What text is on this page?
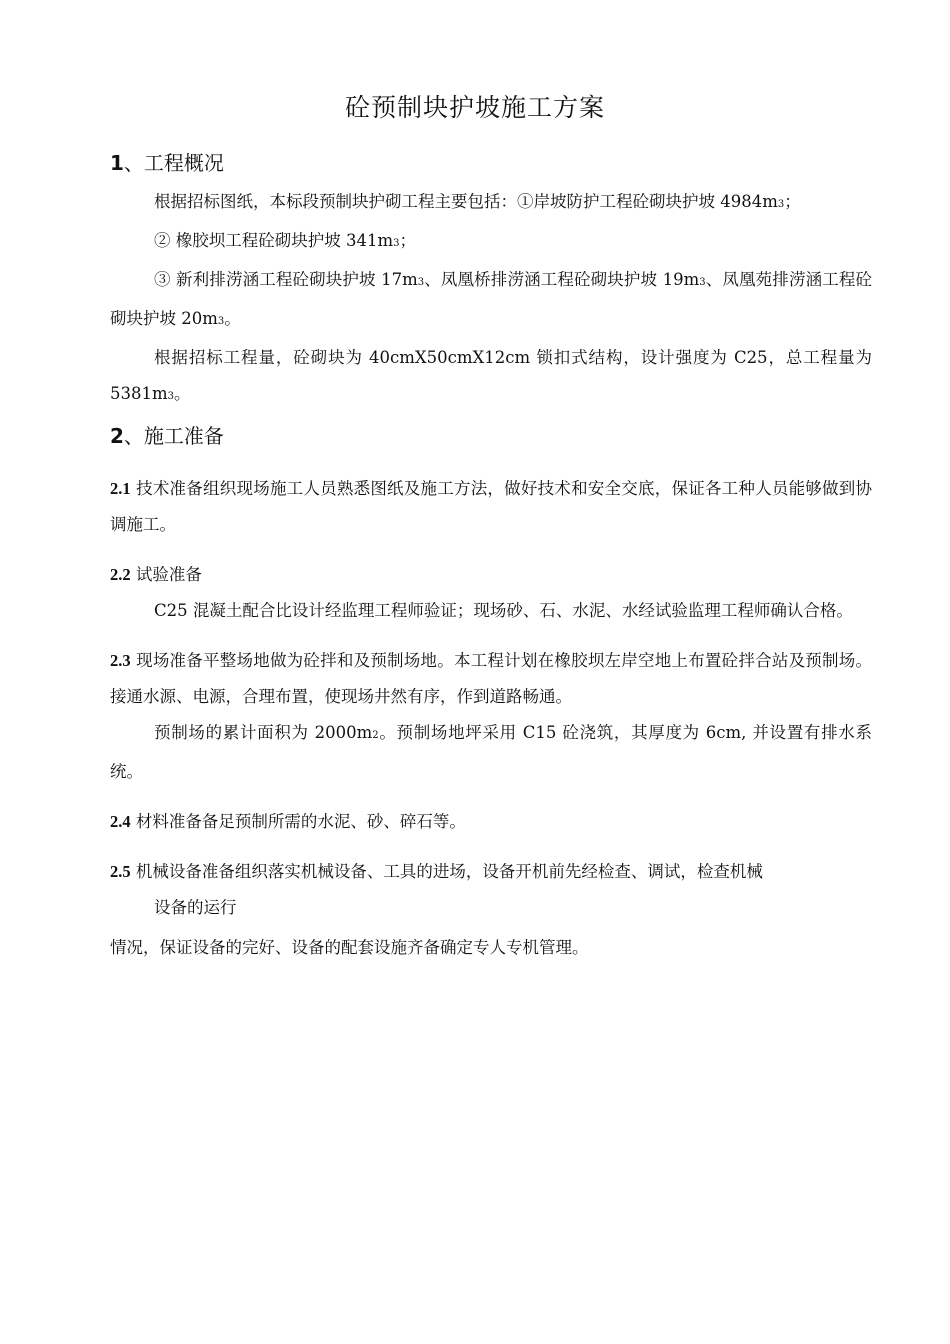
砼预制块护坡施工方案
1、工程概况

根据招标图纸，本标段预制块护砌工程主要包括：①岸坡防护工程砼砌块护坡 4984m3；

② 橡胶坝工程砼砌块护坡 341m3；

③ 新利排涝涵工程砼砌块护坡 17m3、凤凰桥排涝涵工程砼砌块护坡 19m3、凤凰苑排涝涵工程砼砌块护坡 20m3。

根据招标工程量，砼砌块为 40cmX50cmX12cm 锁扣式结构，设计强度为 C25，总工程量为 5381m3。

2、施工准备

2.1 技术准备组织现场施工人员熟悉图纸及施工方法，做好技术和安全交底，保证各工种人员能够做到协调施工。

2.2 试验准备

C25 混凝土配合比设计经监理工程师验证；现场砂、石、水泥、水经试验监理工程师确认合格。

2.3 现场准备平整场地做为砼拌和及预制场地。本工程计划在橡胶坝左岸空地上布置砼拌合站及预制场。接通水源、电源，合理布置，使现场井然有序，作到道路畅通。

预制场的累计面积为 2000m2。预制场地坪采用 C15 砼浇筑，其厚度为 6cm, 并设置有排水系统。

2.4 材料准备备足预制所需的水泥、砂、碎石等。

2.5 机械设备准备组织落实机械设备、工具的进场，设备开机前先经检查、调试，检查机械

设备的运行

情况，保证设备的完好、设备的配套设施齐备确定专人专机管理。
